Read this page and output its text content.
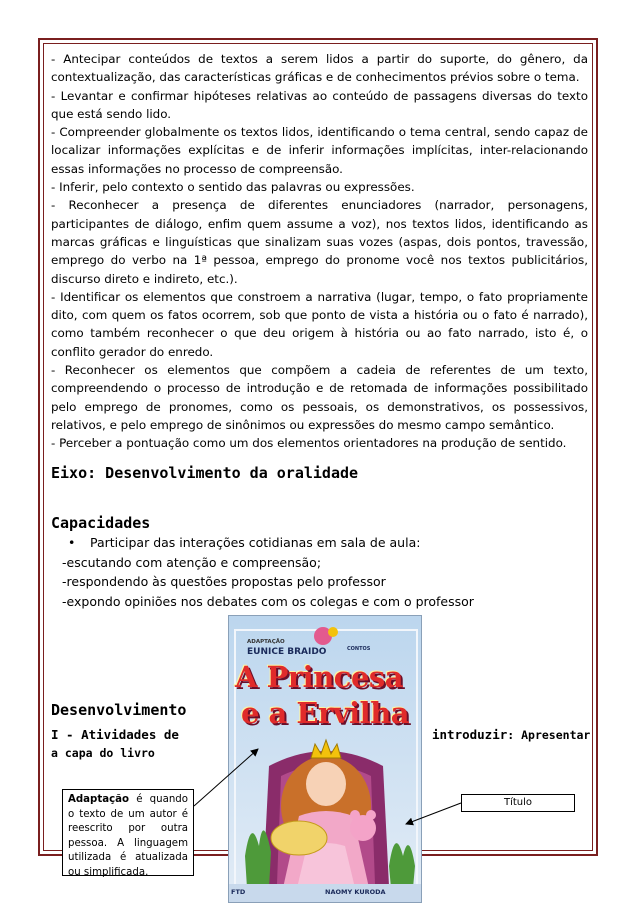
- Antecipar conteúdos de textos a serem lidos a partir do suporte, do gênero, da contextualização, das características gráficas e de conhecimentos prévios sobre o tema.

- Levantar e confirmar hipóteses relativas ao conteúdo de passagens diversas do texto que está sendo lido.

- Compreender globalmente os textos lidos, identificando o tema central, sendo capaz de localizar informações explícitas e de inferir informações implícitas, inter-relacionando essas informações no processo de compreensão.

- Inferir, pelo contexto o sentido das palavras ou expressões.

- Reconhecer a presença de diferentes enunciadores (narrador, personagens, participantes de diálogo, enfim quem assume a voz), nos textos lidos, identificando as marcas gráficas e linguísticas que sinalizam suas vozes (aspas, dois pontos, travessão, emprego do verbo na 1ª pessoa, emprego do pronome você nos textos publicitários, discurso direto e indireto, etc.).

- Identificar os elementos que constroem a narrativa (lugar, tempo, o fato propriamente dito, com quem os fatos ocorrem, sob que ponto de vista a história ou o fato é narrado), como também reconhecer o que deu origem à história ou ao fato narrado, isto é, o conflito gerador do enredo.

- Reconhecer os elementos que compõem a cadeia de referentes de um texto, compreendendo o processo de introdução e de retomada de informações possibilitado pelo emprego de pronomes, como os pessoais, os demonstrativos, os possessivos, relativos, e pelo emprego de sinônimos ou expressões do mesmo campo semântico.

- Perceber a pontuação como um dos elementos orientadores na produção de sentido.

Eixo: Desenvolvimento da oralidade
Capacidades
• Participar das interações cotidianas em sala de aula:
-escutando com atenção e compreensão;
-respondendo às questões propostas pelo professor
-expondo opiniões nos debates com os colegas e com o professor
Desenvolvimento
I - Atividades de	introduzir: Apresentar
a capa do livro
ADAPTAÇÃO
EUNICE BRAIDO
A Princesa
e a Ervilha
FTD	NAOMY KURODA
CONTOS
Adaptação é quando o texto de um autor é reescrito por outra pessoa. A linguagem utilizada é atualizada ou simplificada.
Título
